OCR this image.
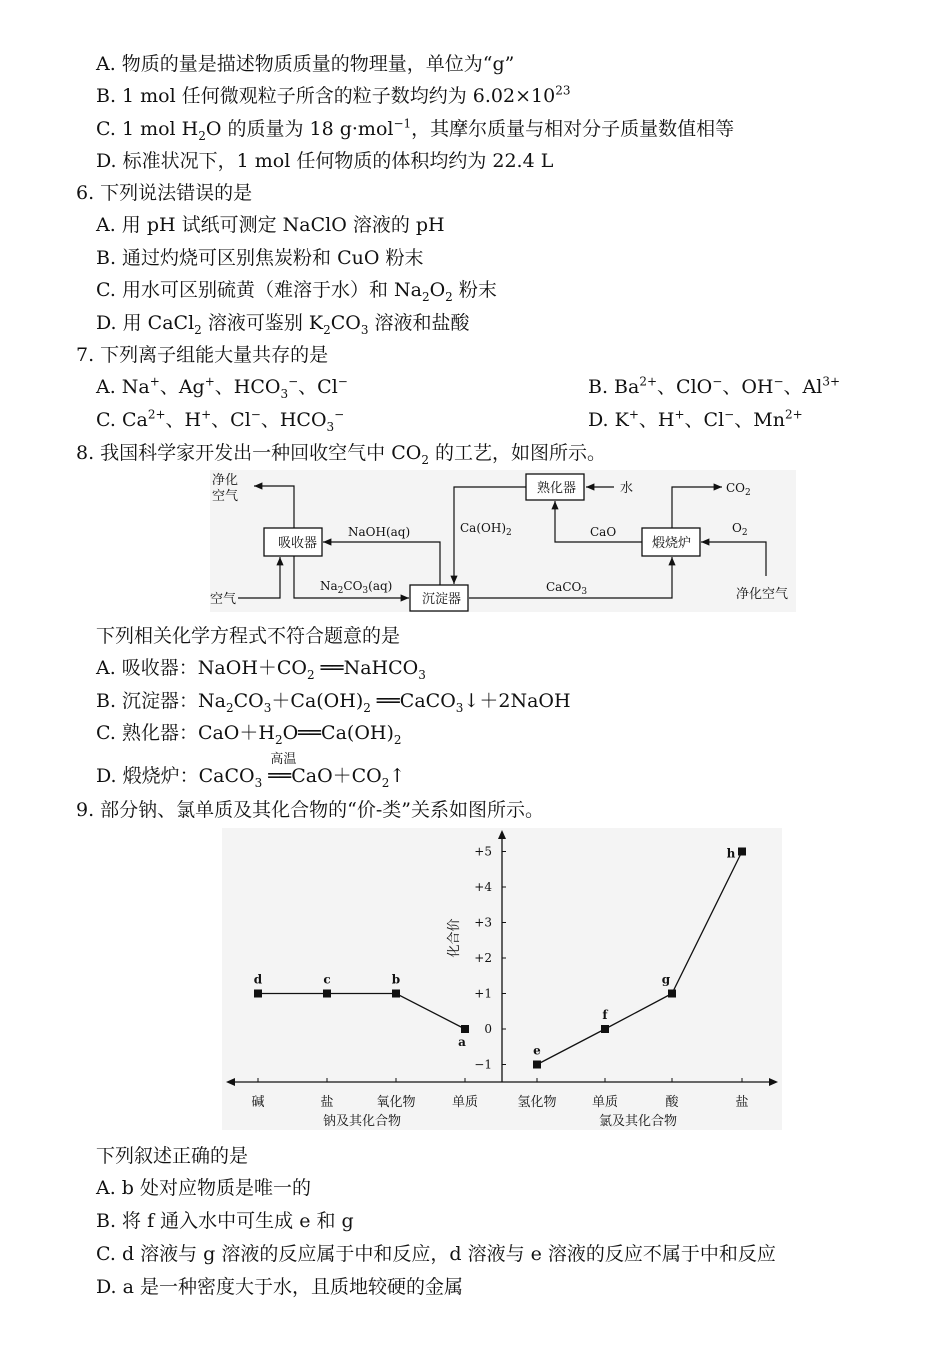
A. 物质的量是描述物质质量的物理量，单位为“g”
B. 1 mol 任何微观粒子所含的粒子数均约为 $6.02\times 10^{23}$
C. 1 mol $H_2O$ 的质量为 18 g·mol$^{-1}$，其摩尔质量与相对分子质量数值相等
D. 标准状况下，1 mol 任何物质的体积均约为 22.4 L
6. 下列说法错误的是
A. 用 pH 试纸可测定 NaClO 溶液的 pH
B. 通过灼烧可区别焦炭粉和 CuO 粉末
C. 用水可区别硫黄（难溶于水）和 $Na_2O_2$ 粉末
D. 用 CaCl$_2$ 溶液可鉴别 $K_2CO_3$ 溶液和盐酸
7. 下列离子组能大量共存的是
A. Na+、Ag+、$HCO_3^-$、Cl−	B. $Ba^{2+}$、ClO−、OH−、$Al^{3+}$
C. $Ca^{2+}$、H+、Cl−、$HCO_3^-$	D. K+、H+、Cl−、$Mn^{2+}$
8. 我国科学家开发出一种回收空气中 $CO_2$ 的工艺，如图所示。
吸收器
沉淀器
熟化器
煅烧炉
净化
空气
空气
NaOH(aq)
$Na_2CO_3(aq)$
$Ca(OH)_2$
水
CaO
CaCO$_3$
$CO_2$
$O_2$
净化空气
下列相关化学方程式不符合题意的是
A. 吸收器：$NaOH+CO_2$ ══NaHCO$_3$
B. 沉淀器：$Na_2CO_3+Ca(OH)_2$ ══CaCO$_3$↓＋2NaOH
C. 熟化器：$CaO+H_2O══Ca(OH)_2$
D. 煅烧炉：CaCO$_3$
高温
$══CaO+CO_2↑$
9. 部分钠、氯单质及其化合物的“价-类”关系如图所示。
+5
+4
+3
+2
+1
0
−1
化合价
碱	盐	氧化物	单质	氢化物	单质	酸	盐
钠及其化合物	氯及其化合物
d	c	b
a
e
f
g
h
下列叙述正确的是
A. b 处对应物质是唯一的
B. 将 f 通入水中可生成 e 和 g
C. d 溶液与 g 溶液的反应属于中和反应，d 溶液与 e 溶液的反应不属于中和反应
D. a 是一种密度大于水，且质地较硬的金属
